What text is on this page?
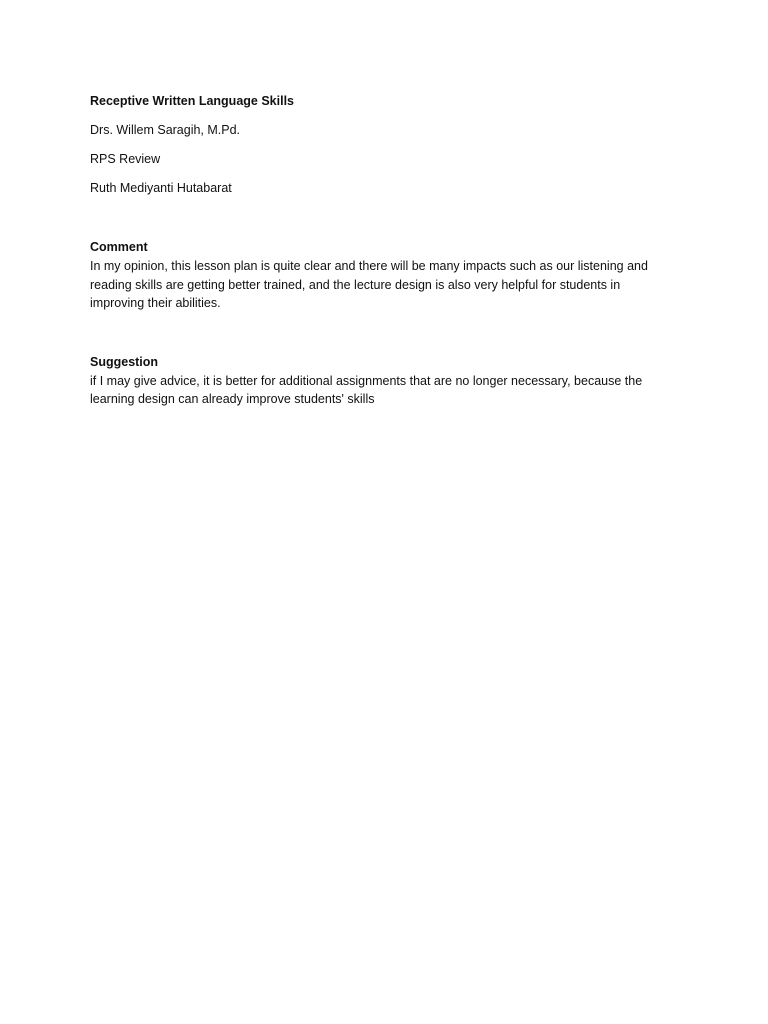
Receptive Written Language Skills

Drs. Willem Saragih, M.Pd.

RPS Review

Ruth Mediyanti Hutabarat

Comment

In my opinion, this lesson plan is quite clear and there will be many impacts such as our listening and reading skills are getting better trained, and the lecture design is also very helpful for students in improving their abilities.

Suggestion

if I may give advice, it is better for additional assignments that are no longer necessary, because the learning design can already improve students' skills
